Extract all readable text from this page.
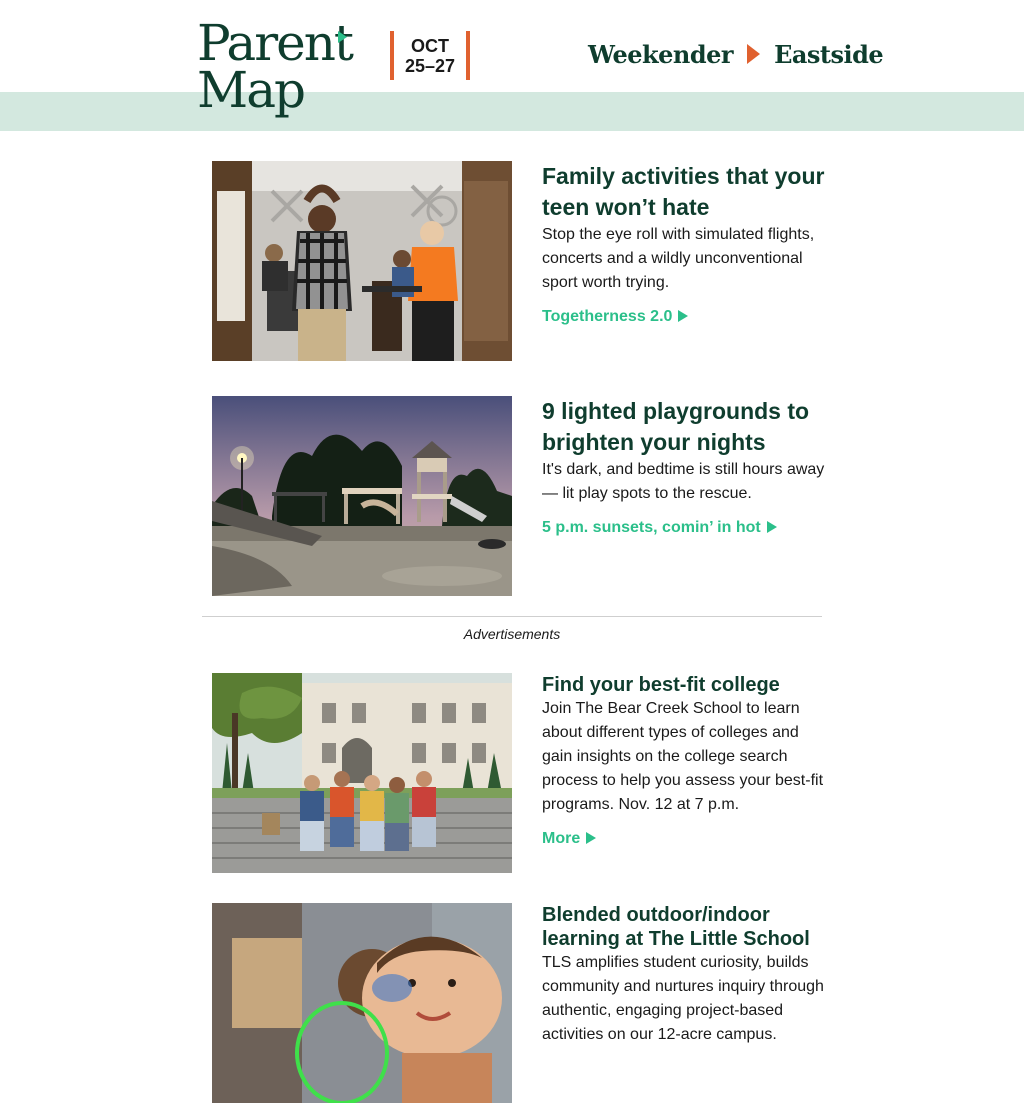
Parent
Map
OCT
25–27	Weekender Eastside
Family activities that your teen won’t hate

Stop the eye roll with simulated flights, concerts and a wildly unconventional sport worth trying.

Togetherness 2.0
9 lighted playgrounds to brighten your nights

It's dark, and bedtime is still hours away — lit play spots to the rescue.

5 p.m. sunsets, comin’ in hot
Advertisements
Find your best-fit college

Join The Bear Creek School to learn about different types of colleges and gain insights on the college search process to help you assess your best-fit programs. Nov. 12 at 7 p.m.

More
Blended outdoor/indoor learning at The Little School

TLS amplifies student curiosity, builds community and nurtures inquiry through authentic, engaging project-based activities on our 12-acre campus.
